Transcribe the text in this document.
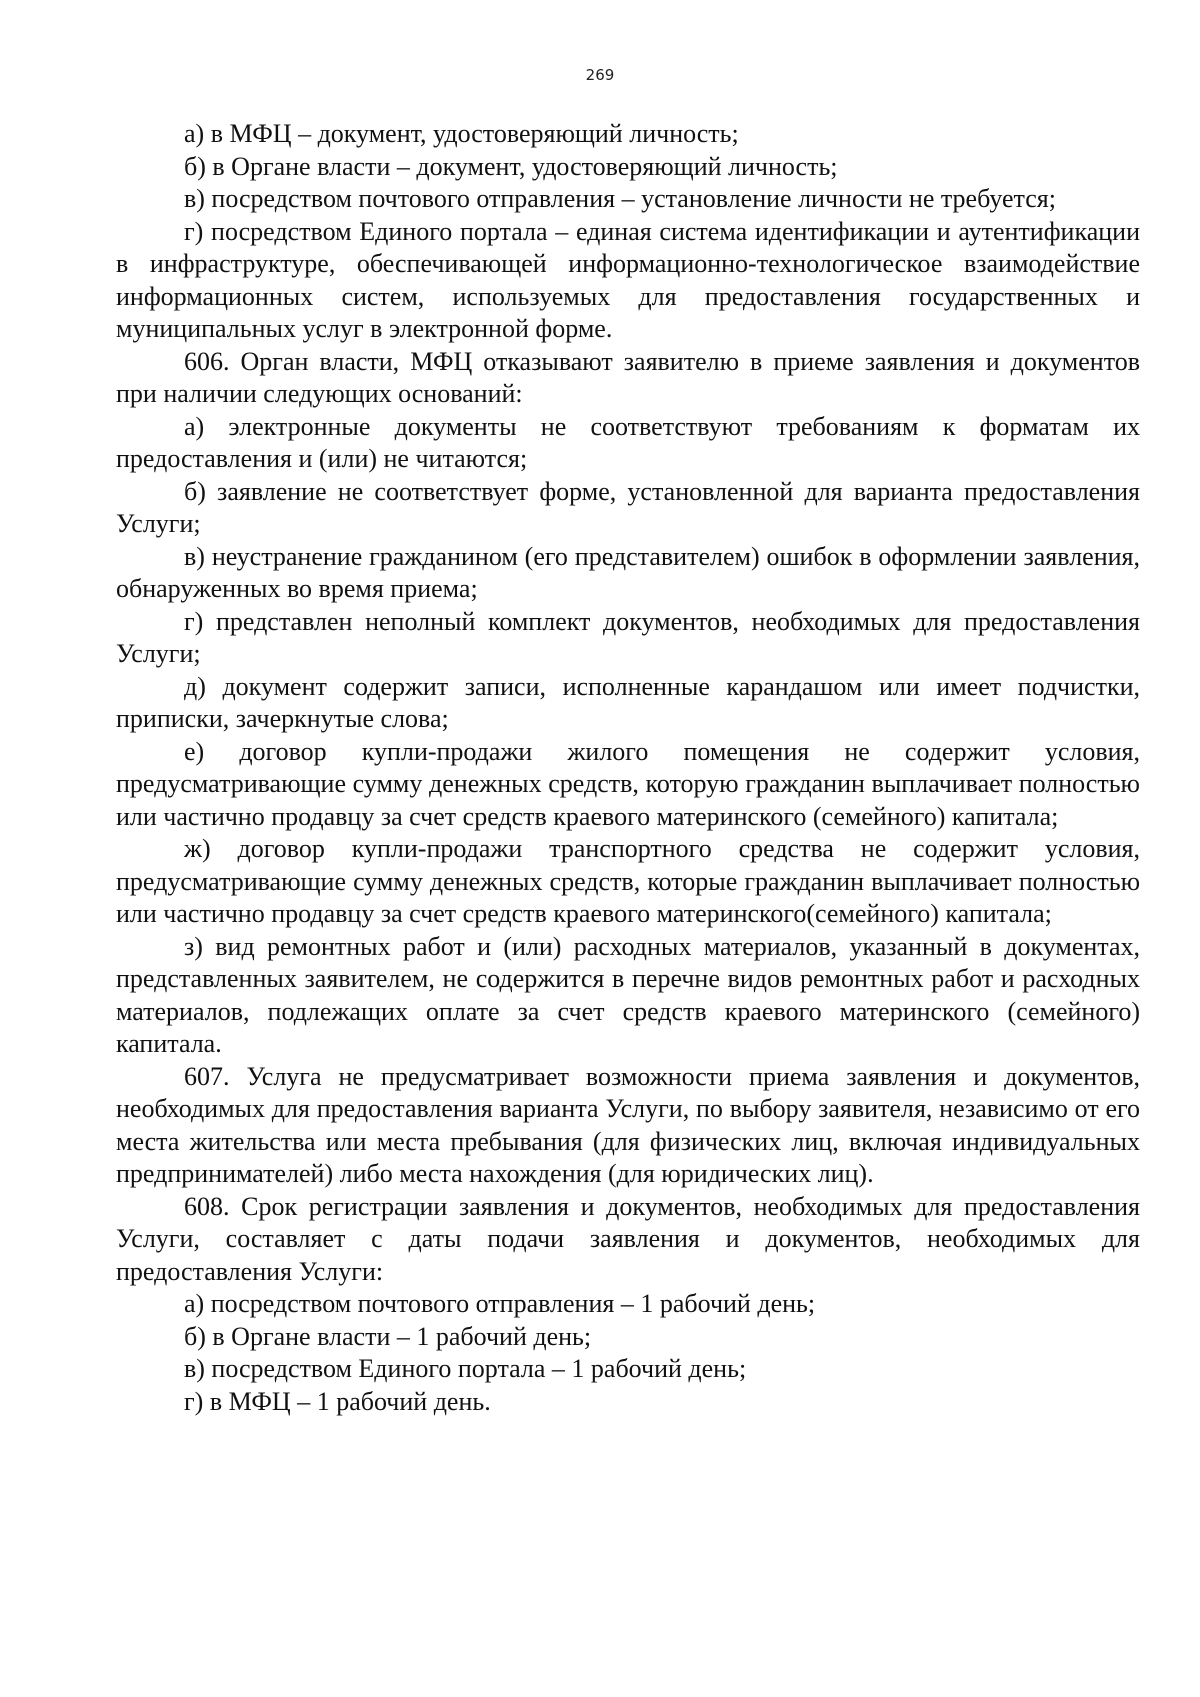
269

а) в МФЦ – документ, удостоверяющий личность;

б) в Органе власти – документ, удостоверяющий личность;

в) посредством почтового отправления – установление личности не требуется;

г) посредством Единого портала – единая система идентификации и аутентификации в инфраструктуре, обеспечивающей информационно-технологическое взаимодействие информационных систем, используемых для предоставления государственных и муниципальных услуг в электронной форме.

606. Орган власти, МФЦ отказывают заявителю в приеме заявления и документов при наличии следующих оснований:

а) электронные документы не соответствуют требованиям к форматам их предоставления и (или) не читаются;

б) заявление не соответствует форме, установленной для варианта предоставления Услуги;

в) неустранение гражданином (его представителем) ошибок в оформлении заявления, обнаруженных во время приема;

г) представлен неполный комплект документов, необходимых для предоставления Услуги;

д) документ содержит записи, исполненные карандашом или имеет подчистки, приписки, зачеркнутые слова;

е) договор купли-продажи жилого помещения не содержит условия, предусматривающие сумму денежных средств, которую гражданин выплачивает полностью или частично продавцу за счет средств краевого материнского (семейного) капитала;

ж) договор купли-продажи транспортного средства не содержит условия, предусматривающие сумму денежных средств, которые гражданин выплачивает полностью или частично продавцу за счет средств краевого материнского(семейного) капитала;

з) вид ремонтных работ и (или) расходных материалов, указанный в документах, представленных заявителем, не содержится в перечне видов ремонтных работ и расходных материалов, подлежащих оплате за счет средств краевого материнского (семейного) капитала.

607. Услуга не предусматривает возможности приема заявления и документов, необходимых для предоставления варианта Услуги, по выбору заявителя, независимо от его места жительства или места пребывания (для физических лиц, включая индивидуальных предпринимателей) либо места нахождения (для юридических лиц).

608. Срок регистрации заявления и документов, необходимых для предоставления Услуги, составляет с даты подачи заявления и документов, необходимых для предоставления Услуги:

а) посредством почтового отправления – 1 рабочий день;

б) в Органе власти – 1 рабочий день;

в) посредством Единого портала – 1 рабочий день;

г) в МФЦ – 1 рабочий день.
